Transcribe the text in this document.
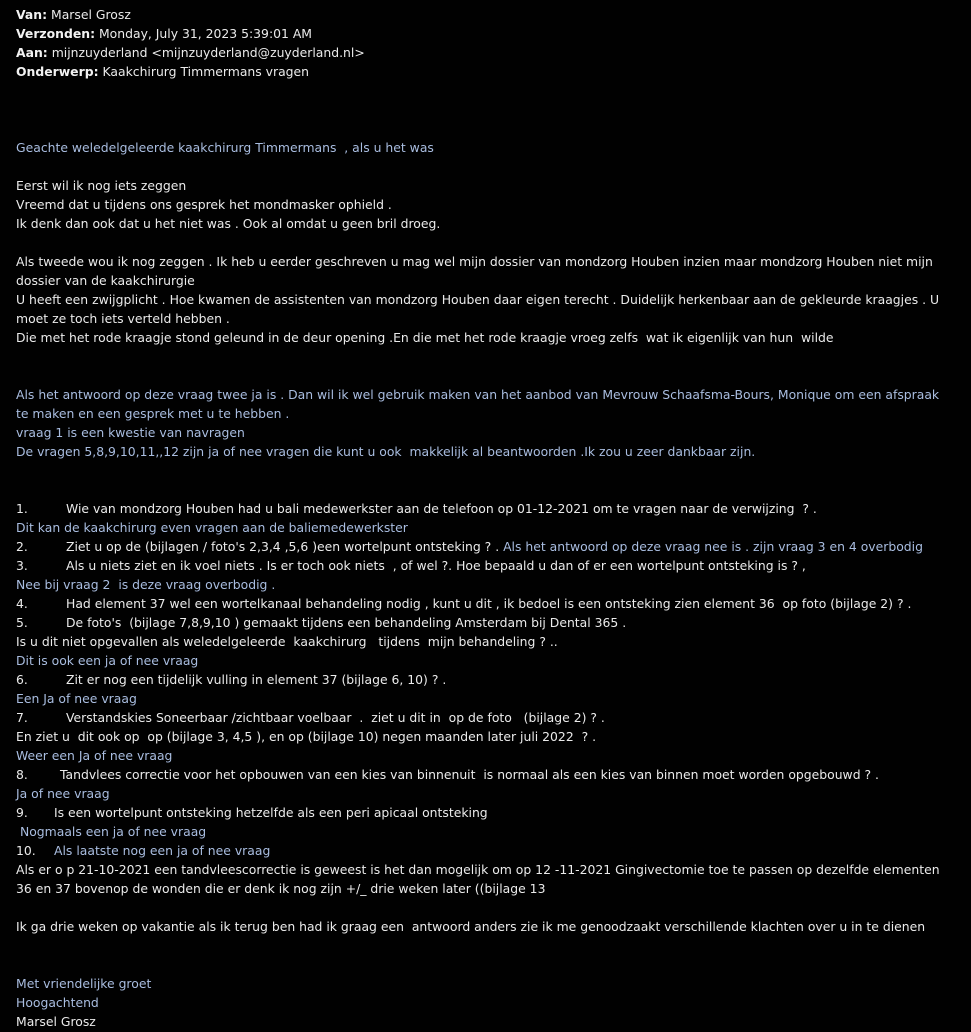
Van: Marsel Grosz
Verzonden: Monday, July 31, 2023 5:39:01 AM
Aan: mijnzuyderland <mijnzuyderland@zuyderland.nl>
Onderwerp: Kaakchirurg Timmermans vragen
Geachte weledelgeleerde kaakchirurg Timmermans  , als u het was
Eerst wil ik nog iets zeggen
Vreemd dat u tijdens ons gesprek het mondmasker ophield .
Ik denk dan ook dat u het niet was . Ook al omdat u geen bril droeg.
Als tweede wou ik nog zeggen . Ik heb u eerder geschreven u mag wel mijn dossier van mondzorg Houben inzien maar mondzorg Houben niet mijn dossier van de kaakchirurgie
U heeft een zwijgplicht . Hoe kwamen de assistenten van mondzorg Houben daar eigen terecht . Duidelijk herkenbaar aan de gekleurde kraagjes . U moet ze toch iets verteld hebben .
Die met het rode kraagje stond geleund in de deur opening .En die met het rode kraagje vroeg zelfs  wat ik eigenlijk van hun  wilde
Als het antwoord op deze vraag twee ja is . Dan wil ik wel gebruik maken van het aanbod van Mevrouw Schaafsma-Bours, Monique om een afspraak te maken en een gesprek met u te hebben .
vraag 1 is een kwestie van navragen
De vragen 5,8,9,10,11,,12 zijn ja of nee vragen die kunt u ook  makkelijk al beantwoorden .Ik zou u zeer dankbaar zijn.
1.	Wie van mondzorg Houben had u bali medewerkster aan de telefoon op 01-12-2021 om te vragen naar de verwijzing  ? .
Dit kan de kaakchirurg even vragen aan de baliemedewerkster
2.	Ziet u op de (bijlagen / foto's 2,3,4 ,5,6 )een wortelpunt ontsteking ? . Als het antwoord op deze vraag nee is . zijn vraag 3 en 4 overbodig
3.	Als u niets ziet en ik voel niets . Is er toch ook niets  , of wel ?. Hoe bepaald u dan of er een wortelpunt ontsteking is ? ,
Nee bij vraag 2  is deze vraag overbodig .
4.	Had element 37 wel een wortelkanaal behandeling nodig , kunt u dit , ik bedoel is een ontsteking zien element 36  op foto (bijlage 2) ? .
5.	De foto's  (bijlage 7,8,9,10 ) gemaakt tijdens een behandeling Amsterdam bij Dental 365 .
Is u dit niet opgevallen als weledelgeleerde  kaakchirurg   tijdens  mijn behandeling ? ..
Dit is ook een ja of nee vraag
6.	Zit er nog een tijdelijk vulling in element 37 (bijlage 6, 10) ? .
Een Ja of nee vraag
7.	Verstandskies Soneerbaar /zichtbaar voelbaar  .  ziet u dit in  op de foto   (bijlage 2) ? .
En ziet u  dit ook op  op (bijlage 3, 4,5 ), en op (bijlage 10) negen maanden later juli 2022  ? .
Weer een Ja of nee vraag
8.	Tandvlees correctie voor het opbouwen van een kies van binnenuit  is normaal als een kies van binnen moet worden opgebouwd ? .
Ja of nee vraag
9. Is een wortelpunt ontsteking hetzelfde als een peri apicaal ontsteking
Nogmaals een ja of nee vraag
10. Als laatste nog een ja of nee vraag
Als er o p 21-10-2021 een tandvleescorrectie is geweest is het dan mogelijk om op 12 -11-2021 Gingivectomie toe te passen op dezelfde elementen 36 en 37 bovenop de wonden die er denk ik nog zijn +/_ drie weken later ((bijlage 13
Ik ga drie weken op vakantie als ik terug ben had ik graag een  antwoord anders zie ik me genoodzaakt verschillende klachten over u in te dienen
Met vriendelijke groet
Hoogachtend
Marsel Grosz
